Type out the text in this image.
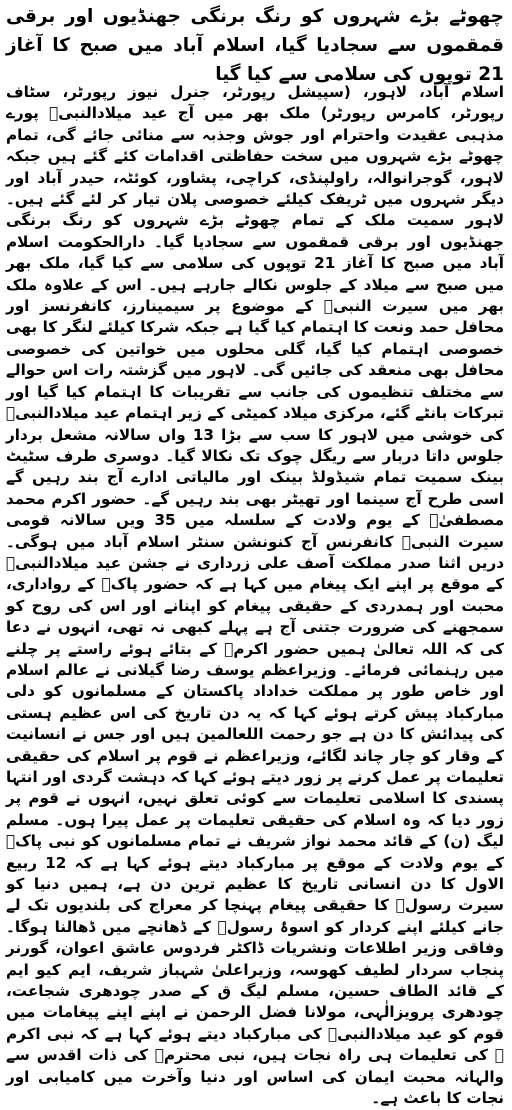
چھوٹے بڑے شہروں کو رنگ برنگی جھنڈیوں اور برقی قمقموں سے سجادیا گیا، اسلام آباد میں صبح کا آغاز 21 توپوں کی سلامی سے کیا گیا

اسلام آباد، لاہور، (سپیشل رپورٹر، جنرل نیوز رپورٹر، سٹاف رپورٹر، کامرس رپورٹر) ملک بھر میں آج عید میلادالنبیؐ پورے مذہبی عقیدت واحترام اور جوش وجذبہ سے منائی جائے گی، تمام چھوٹے بڑے شہروں میں سخت حفاظتی اقدامات کئے گئے ہیں جبکہ لاہور، گوجرانوالہ، راولپنڈی، کراچی، پشاور، کوئٹہ، حیدر آباد اور دیگر شہروں میں ٹریفک کیلئے خصوصی پلان تیار کر لئے گئے ہیں۔ لاہور سمیت ملک کے تمام چھوٹے بڑے شہروں کو رنگ برنگی جھنڈیوں اور برقی قمقموں سے سجادیا گیا۔ دارالحکومت اسلام آباد میں صبح کا آغاز 21 توپوں کی سلامی سے کیا گیا، ملک بھر میں صبح سے میلاد کے جلوس نکالے جارہے ہیں۔ اس کے علاوہ ملک بھر میں سیرت النبیؐ کے موضوع پر سیمینارز، کانفرنسز اور محافل حمد ونعت کا اہتمام کیا گیا ہے جبکہ شرکا کیلئے لنگر کا بھی خصوصی اہتمام کیا گیا، گلی محلوں میں خواتین کی خصوصی محافل بھی منعقد کی جائیں گی۔ لاہور میں گزشتہ رات اس حوالے سے مختلف تنظیموں کی جانب سے تقریبات کا اہتمام کیا گیا اور تبرکات بانٹے گئے، مرکزی میلاد کمیٹی کے زیر اہتمام عید میلادالنبیؐ کی خوشی میں لاہور کا سب سے بڑا 13 واں سالانہ مشعل بردار جلوس داتا دربار سے ریگل چوک تک نکالا گیا۔ دوسری طرف سٹیٹ بینک سمیت تمام شیڈولڈ بینک اور مالیاتی ادارے آج بند رہیں گے اسی طرح آج سینما اور تھیٹر بھی بند رہیں گے۔ حضور اکرم محمد مصطفیٰؐ کے یوم ولادت کے سلسلہ میں 35 ویں سالانہ قومی سیرت النبیؐ کانفرنس آج کنونشن سنٹر اسلام آباد میں ہوگی۔ دریں اثنا صدر مملکت آصف علی زرداری نے جشن عید میلادالنبیؐ کے موقع پر اپنے ایک پیغام میں کہا ہے کہ حضور پاکؐ کے رواداری، محبت اور ہمدردی کے حقیقی پیغام کو اپنانے اور اس کی روح کو سمجھنے کی ضرورت جتنی آج ہے پہلے کبھی نہ تھی، انہوں نے دعا کی کہ اللہ تعالیٰ ہمیں حضور اکرمؐ کے بتائے ہوئے راستے پر چلنے میں رہنمائی فرمائے۔ وزیراعظم یوسف رضا گیلانی نے عالم اسلام اور خاص طور پر مملکت خداداد پاکستان کے مسلمانوں کو دلی مبارکباد پیش کرتے ہوئے کہا کہ یہ دن تاریخ کی اس عظیم ہستی کی پیدائش کا دن ہے جو رحمت اللعالمین ہیں اور جس نے انسانیت کے وقار کو چار چاند لگائے، وزیراعظم نے قوم پر اسلام کی حقیقی تعلیمات پر عمل کرنے پر زور دیتے ہوئے کہا کہ دہشت گردی اور انتہا پسندی کا اسلامی تعلیمات سے کوئی تعلق نہیں، انہوں نے قوم پر زور دیا کہ وہ اسلام کی حقیقی تعلیمات پر عمل پیرا ہوں۔ مسلم لیگ (ن) کے قائد محمد نواز شریف نے تمام مسلمانوں کو نبی پاکؐ کے یوم ولادت کے موقع پر مبارکباد دیتے ہوئے کہا ہے کہ 12 ربیع الاول کا دن انسانی تاریخ کا عظیم ترین دن ہے، ہمیں دنیا کو سیرت رسولؐ کا حقیقی پیغام پہنچا کر معراج کی بلندیوں تک لے جانے کیلئے اپنے کردار کو اسوۂ رسولؐ کے ڈھانچے میں ڈھالنا ہوگا۔ وفاقی وزیر اطلاعات ونشریات ڈاکٹر فردوس عاشق اعوان، گورنر پنجاب سردار لطیف کھوسہ، وزیراعلیٰ شہباز شریف، ایم کیو ایم کے قائد الطاف حسین، مسلم لیگ ق کے صدر چودھری شجاعت، چودھری پرویزالٰہی، مولانا فضل الرحمن نے اپنے اپنے پیغامات میں قوم کو عید میلادالنبیؐ کی مبارکباد دیتے ہوئے کہا ہے کہ نبی اکرم ﷺ کی تعلیمات ہی راہ نجات ہیں، نبی محترمؐ کی ذات اقدس سے والہانہ محبت ایمان کی اساس اور دنیا وآخرت میں کامیابی اور نجات کا باعث ہے۔
